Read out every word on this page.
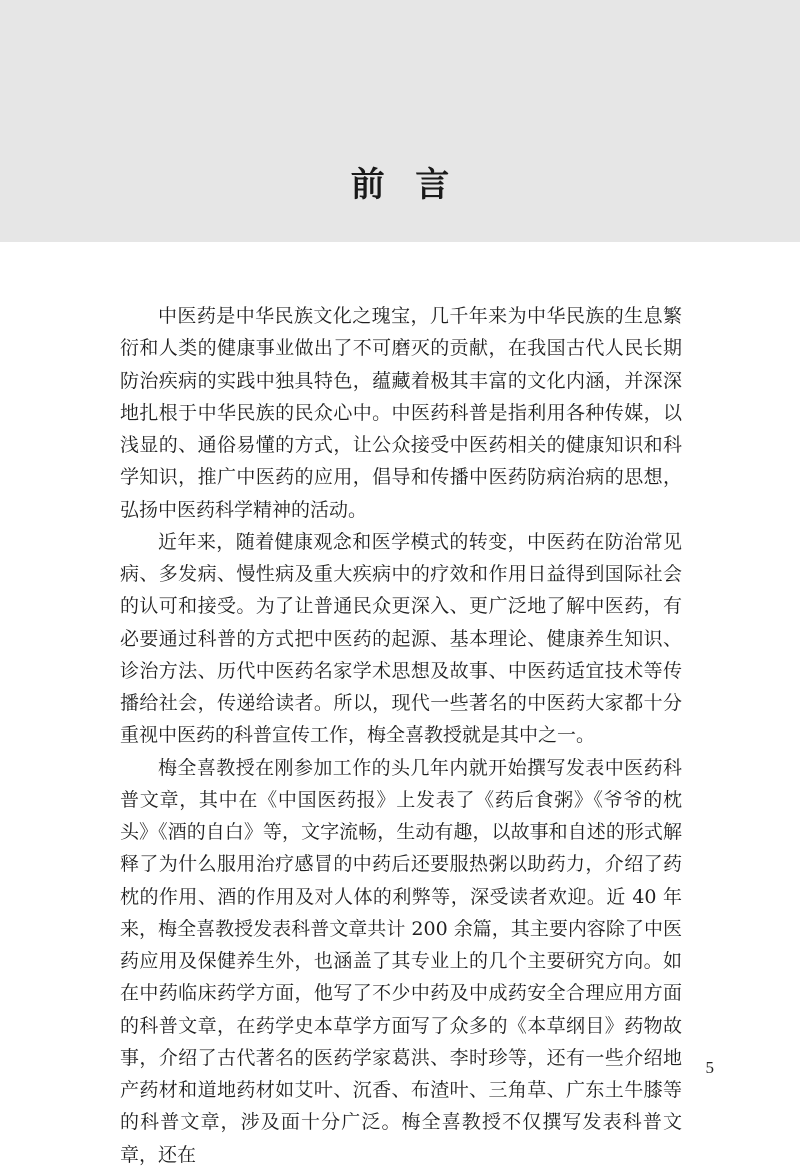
前言

中医药是中华民族文化之瑰宝，几千年来为中华民族的生息繁衍和人类的健康事业做出了不可磨灭的贡献，在我国古代人民长期防治疾病的实践中独具特色，蕴藏着极其丰富的文化内涵，并深深地扎根于中华民族的民众心中。中医药科普是指利用各种传媒，以浅显的、通俗易懂的方式，让公众接受中医药相关的健康知识和科学知识，推广中医药的应用，倡导和传播中医药防病治病的思想，弘扬中医药科学精神的活动。

近年来，随着健康观念和医学模式的转变，中医药在防治常见病、多发病、慢性病及重大疾病中的疗效和作用日益得到国际社会的认可和接受。为了让普通民众更深入、更广泛地了解中医药，有必要通过科普的方式把中医药的起源、基本理论、健康养生知识、诊治方法、历代中医药名家学术思想及故事、中医药适宜技术等传播给社会，传递给读者。所以，现代一些著名的中医药大家都十分重视中医药的科普宣传工作，梅全喜教授就是其中之一。

梅全喜教授在刚参加工作的头几年内就开始撰写发表中医药科普文章，其中在《中国医药报》上发表了《药后食粥》《爷爷的枕头》《酒的自白》等，文字流畅，生动有趣，以故事和自述的形式解释了为什么服用治疗感冒的中药后还要服热粥以助药力，介绍了药枕的作用、酒的作用及对人体的利弊等，深受读者欢迎。近 40 年来，梅全喜教授发表科普文章共计 200 余篇，其主要内容除了中医药应用及保健养生外，也涵盖了其专业上的几个主要研究方向。如在中药临床药学方面，他写了不少中药及中成药安全合理应用方面的科普文章，在药学史本草学方面写了众多的《本草纲目》药物故事，介绍了古代著名的医药学家葛洪、李时珍等，还有一些介绍地产药材和道地药材如艾叶、沉香、布渣叶、三角草、广东土牛膝等的科普文章，涉及面十分广泛。梅全喜教授不仅撰写发表科普文章，还在

5
